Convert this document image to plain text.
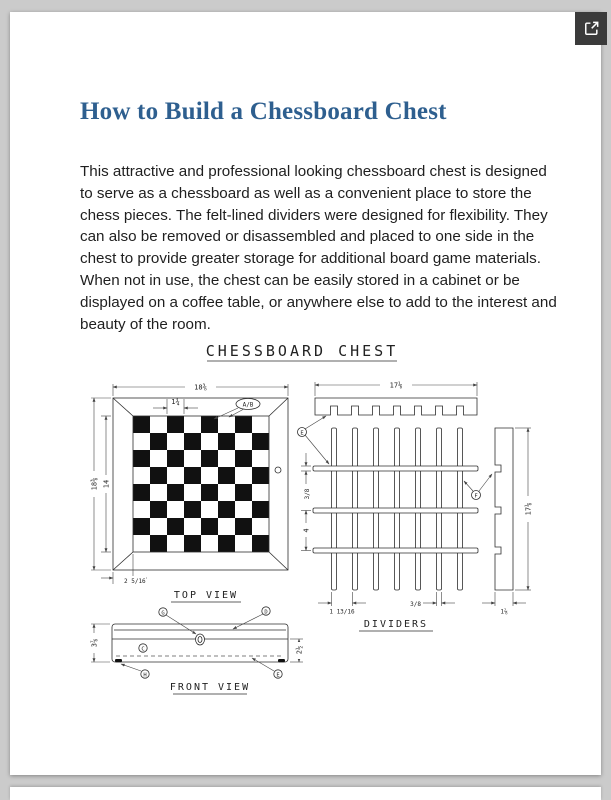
How to Build a Chessboard Chest

This attractive and professional looking chessboard chest is designed to serve as a chessboard as well as a convenient place to store the chess pieces. The felt-lined dividers were designed for flexibility. They can also be removed or disassembled and placed to one side in the chest to provide greater storage for additional board game materials. When not in use, the chest can be easily stored in a cabinet or be displayed on a coffee table, or anywhere else to add to the interest and beauty of the room.

CHESSBOARD CHEST
18⅜
1¾	A/B
18⅜ 14
2 5/16
TOP VIEW
G	D
C
H	E
3⅞
2½
FRONT VIEW
17⅛
17⅛
E
3/8
4
F
1 13/16
3/8
1⅞
DIVIDERS
